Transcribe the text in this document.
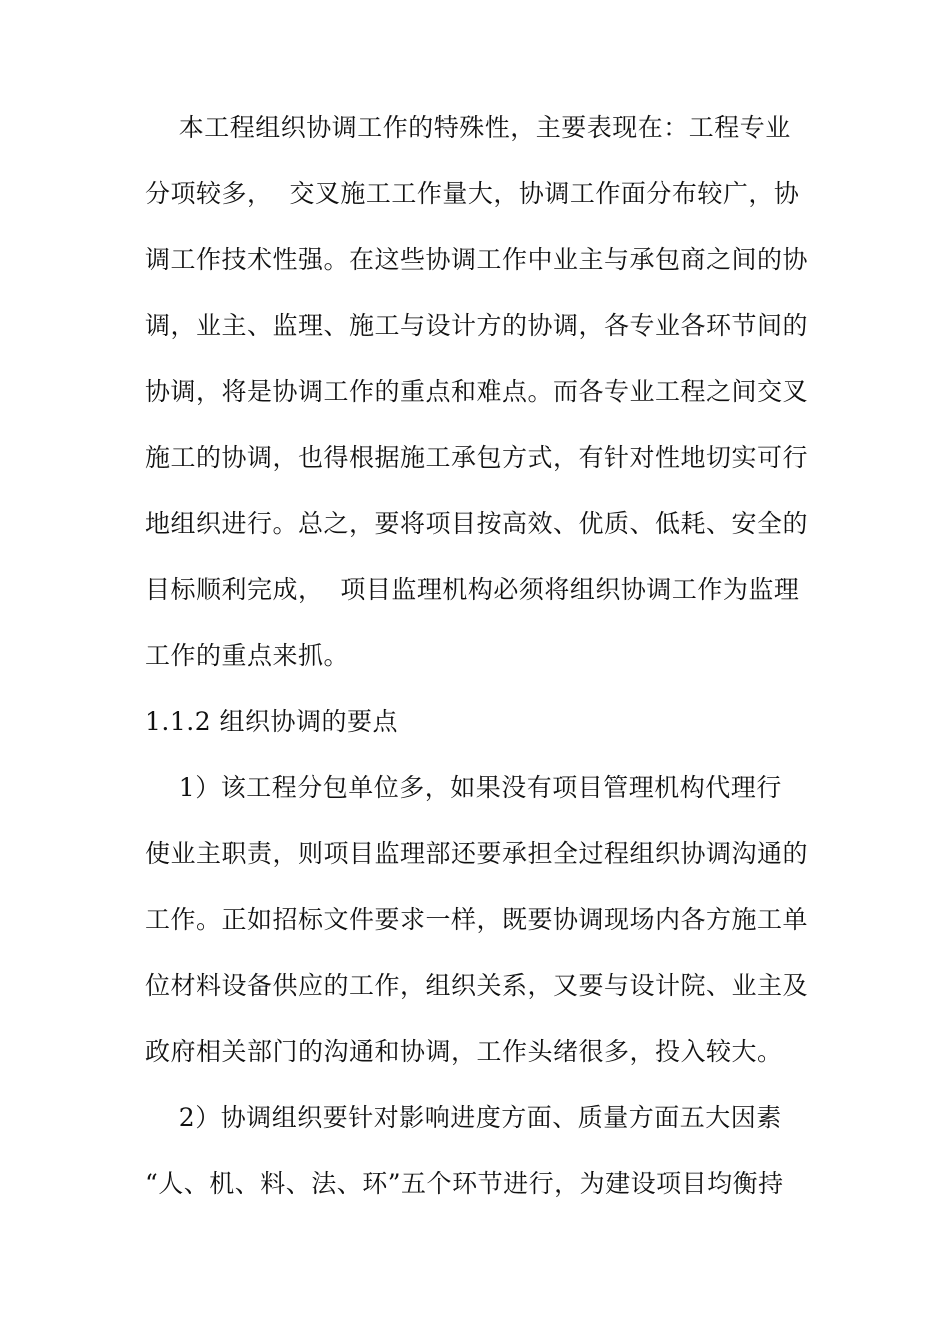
本工程组织协调工作的特殊性，主要表现在：工程专业
分项较多，  交叉施工工作量大，协调工作面分布较广，协
调工作技术性强。在这些协调工作中业主与承包商之间的协
调，业主、监理、施工与设计方的协调，各专业各环节间的
协调，将是协调工作的重点和难点。而各专业工程之间交叉
施工的协调，也得根据施工承包方式，有针对性地切实可行
地组织进行。总之，要将项目按高效、优质、低耗、安全的
目标顺利完成，  项目监理机构必须将组织协调工作为监理
工作的重点来抓。
1.1.2 组织协调的要点
1）该工程分包单位多，如果没有项目管理机构代理行
使业主职责，则项目监理部还要承担全过程组织协调沟通的
工作。正如招标文件要求一样，既要协调现场内各方施工单
位材料设备供应的工作，组织关系，又要与设计院、业主及
政府相关部门的沟通和协调，工作头绪很多，投入较大。
2）协调组织要针对影响进度方面、质量方面五大因素
“人、机、料、法、环”五个环节进行，为建设项目均衡持
